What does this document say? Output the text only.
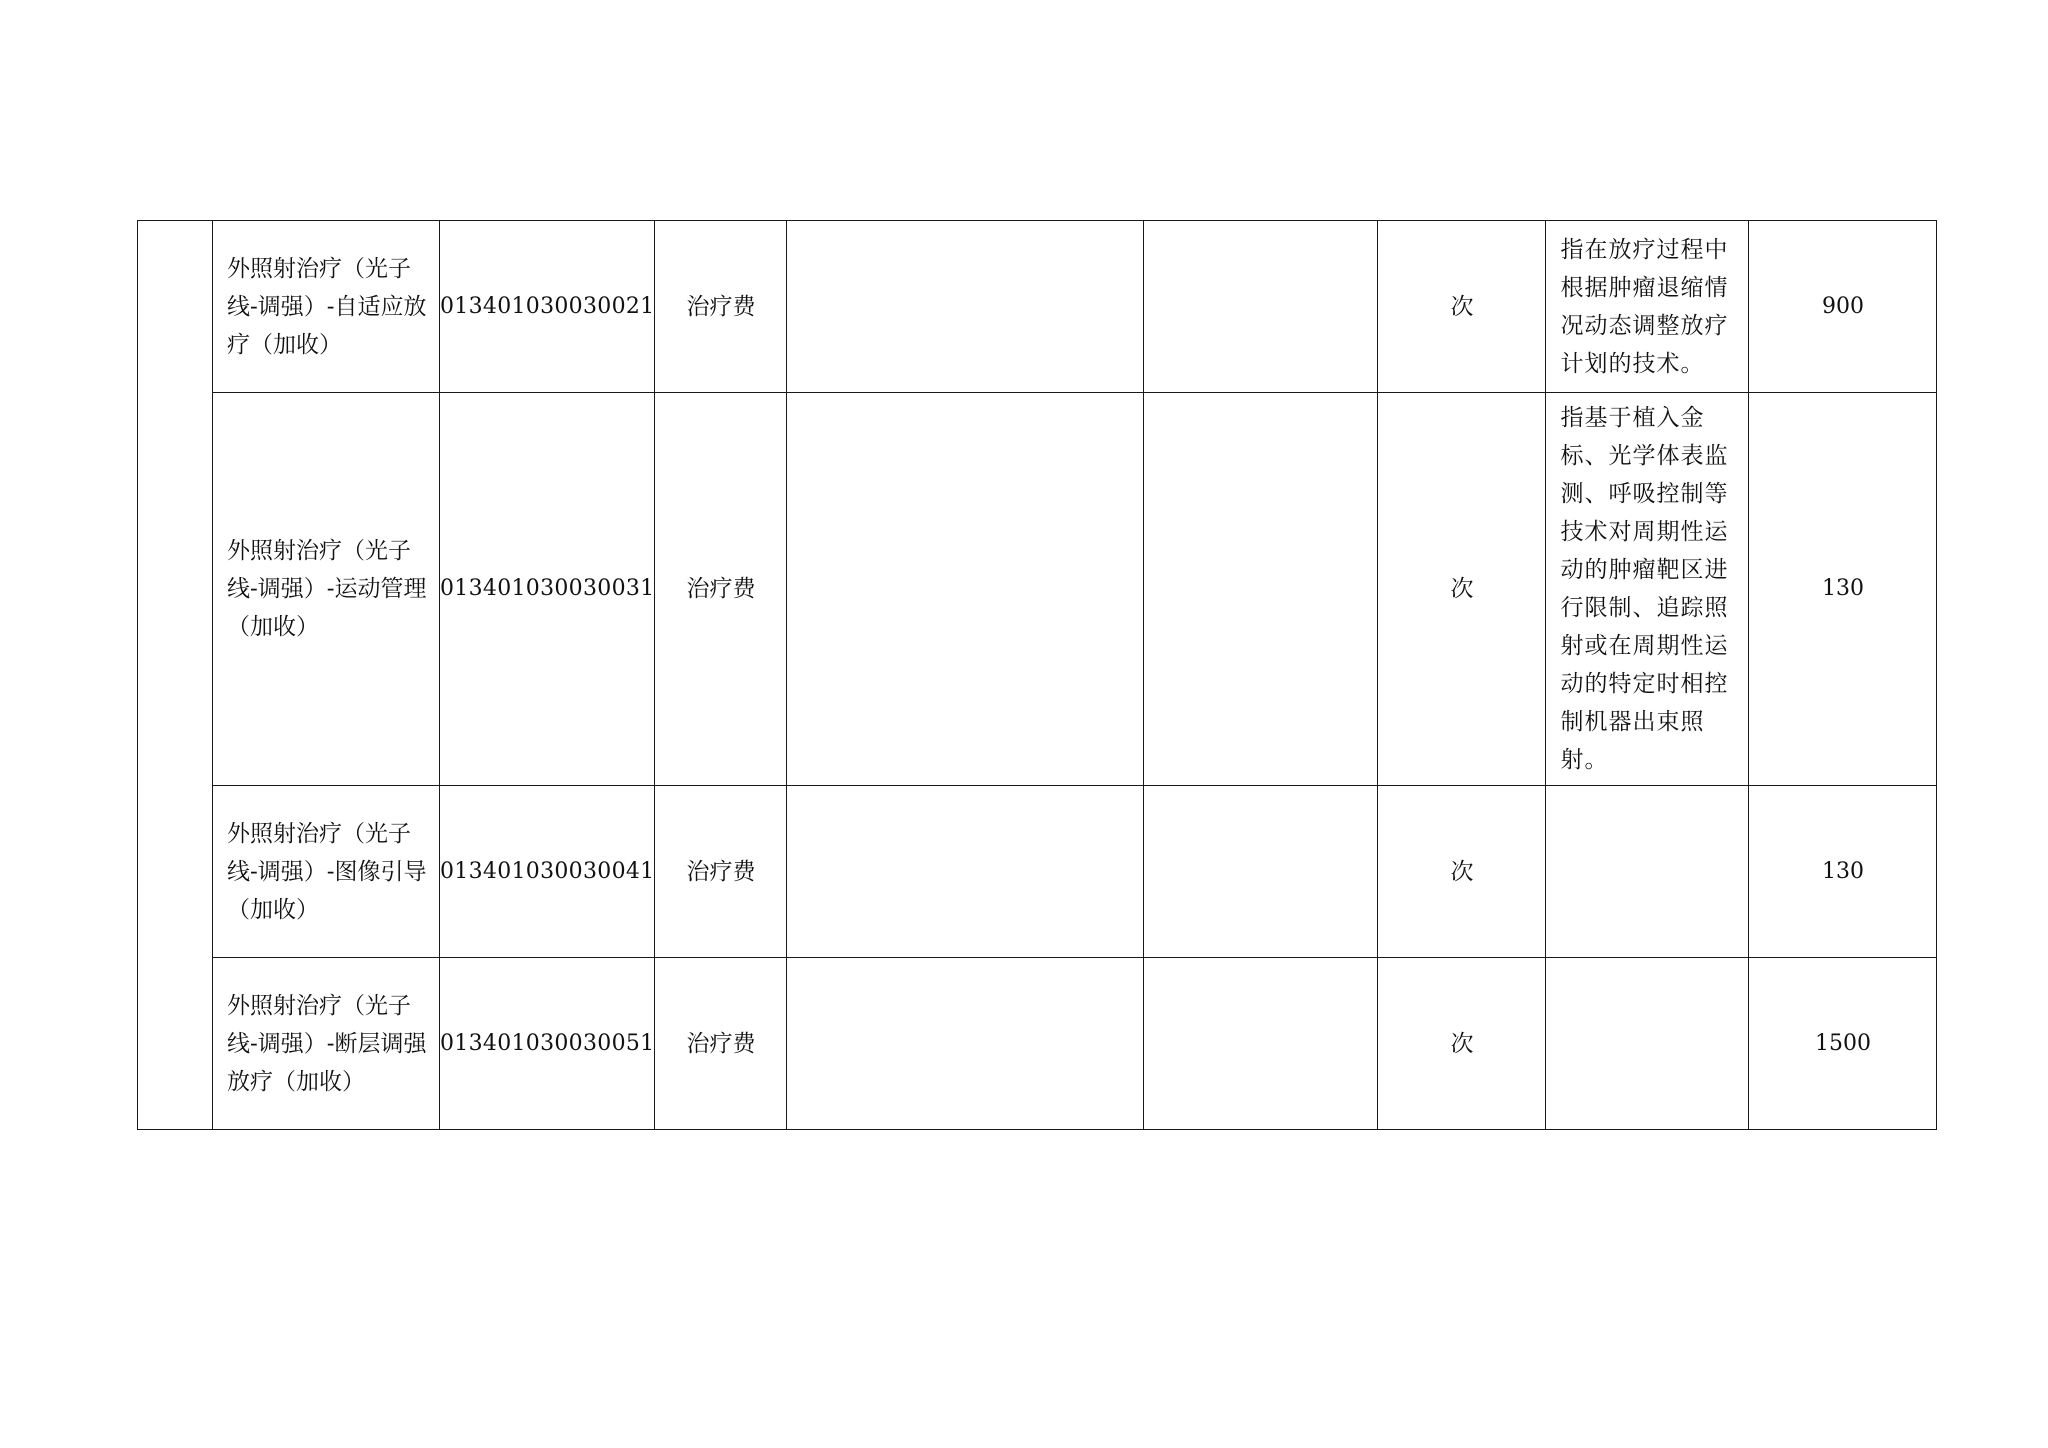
	外照射治疗（光子线-调强）-自适应放疗（加收）	013401030030021	治疗费			次	指在放疗过程中根据肿瘤退缩情况动态调整放疗计划的技术。	900
	外照射治疗（光子线-调强）-运动管理（加收）	013401030030031	治疗费			次	指基于植入金标、光学体表监测、呼吸控制等技术对周期性运动的肿瘤靶区进行限制、追踪照射或在周期性运动的特定时相控制机器出束照射。	130
	外照射治疗（光子线-调强）-图像引导（加收）	013401030030041	治疗费			次		130
	外照射治疗（光子线-调强）-断层调强放疗（加收）	013401030030051	治疗费			次		1500
